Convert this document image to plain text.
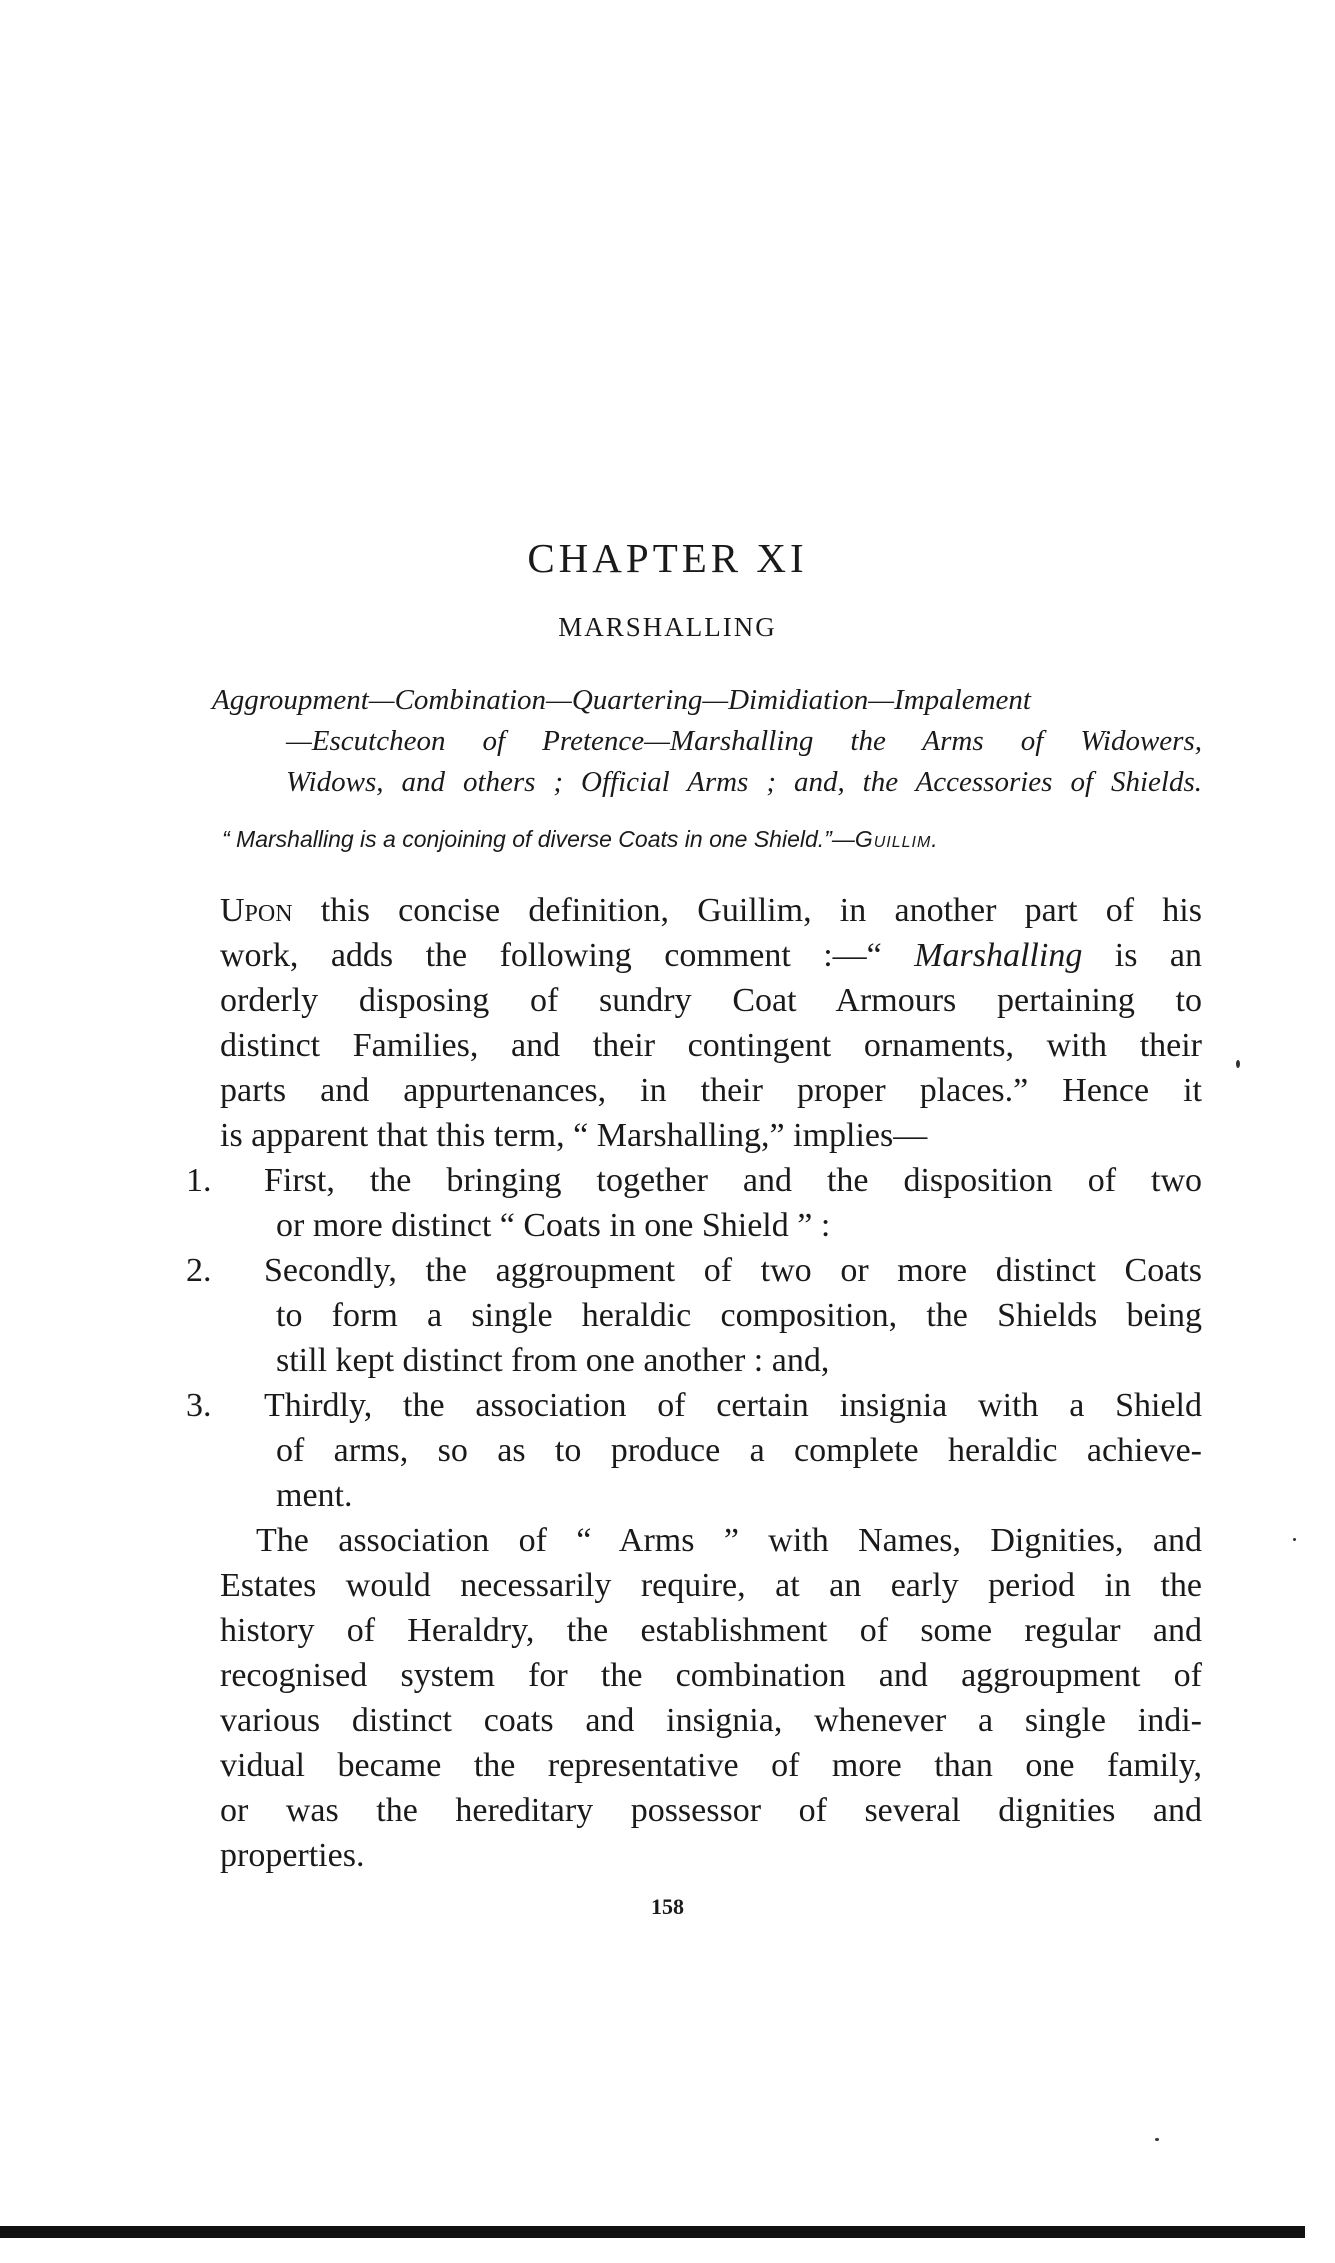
CHAPTER XI
MARSHALLING
Aggroupment—Combination—Quartering—Dimidiation—Impalement
—Escutcheon of Pretence—Marshalling the Arms of Widowers,
Widows, and others ; Official Arms ; and, the Accessories of Shields.
“ Marshalling is a conjoining of diverse Coats in one Shield.”—Guillim.
Upon this concise definition, Guillim, in another part of his
work, adds the following comment :—“ Marshalling is an
orderly disposing of sundry Coat Armours pertaining to
distinct Families, and their contingent ornaments, with their
parts and appurtenances, in their proper places.” Hence it
is apparent that this term, “ Marshalling,” implies—
1.	First, the bringing together and the disposition of two
or more distinct “ Coats in one Shield ” :
2.	Secondly, the aggroupment of two or more distinct Coats
to form a single heraldic composition, the Shields being
still kept distinct from one another : and,
3.	Thirdly, the association of certain insignia with a Shield
of arms, so as to produce a complete heraldic achieve-
ment.
The association of “ Arms ” with Names, Dignities, and
Estates would necessarily require, at an early period in the
history of Heraldry, the establishment of some regular and
recognised system for the combination and aggroupment of
various distinct coats and insignia, whenever a single indi-
vidual became the representative of more than one family,
or was the hereditary possessor of several dignities and
properties.
158
